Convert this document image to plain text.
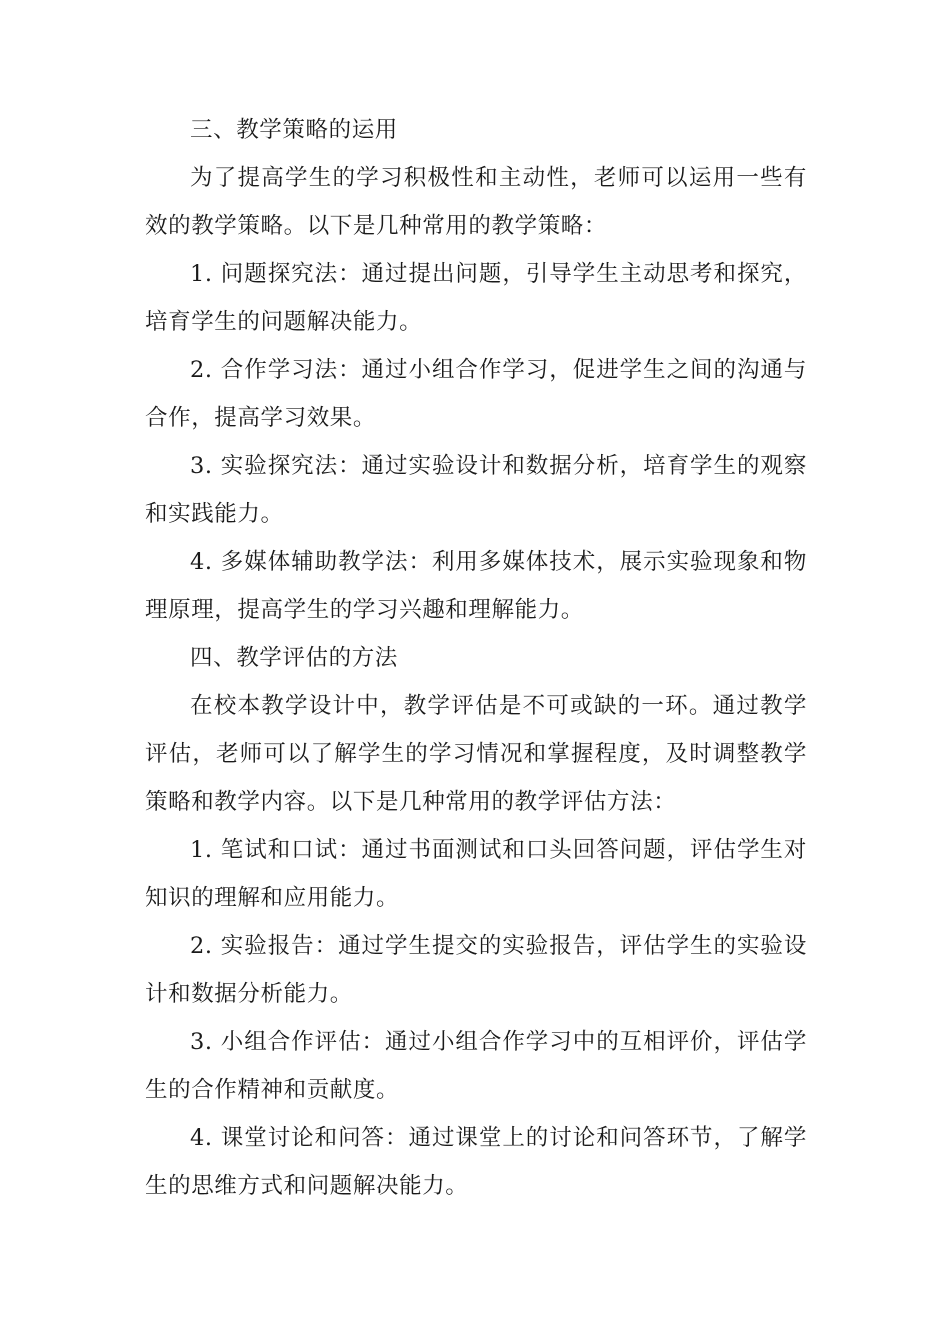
三、教学策略的运用

为了提高学生的学习积极性和主动性，老师可以运用一些有效的教学策略。以下是几种常用的教学策略：

1. 问题探究法：通过提出问题，引导学生主动思考和探究，培育学生的问题解决能力。

2. 合作学习法：通过小组合作学习，促进学生之间的沟通与合作，提高学习效果。

3. 实验探究法：通过实验设计和数据分析，培育学生的观察和实践能力。

4. 多媒体辅助教学法：利用多媒体技术，展示实验现象和物理原理，提高学生的学习兴趣和理解能力。

四、教学评估的方法

在校本教学设计中，教学评估是不可或缺的一环。通过教学评估，老师可以了解学生的学习情况和掌握程度，及时调整教学策略和教学内容。以下是几种常用的教学评估方法：

1. 笔试和口试：通过书面测试和口头回答问题，评估学生对知识的理解和应用能力。

2. 实验报告：通过学生提交的实验报告，评估学生的实验设计和数据分析能力。

3. 小组合作评估：通过小组合作学习中的互相评价，评估学生的合作精神和贡献度。

4. 课堂讨论和问答：通过课堂上的讨论和问答环节，了解学生的思维方式和问题解决能力。
